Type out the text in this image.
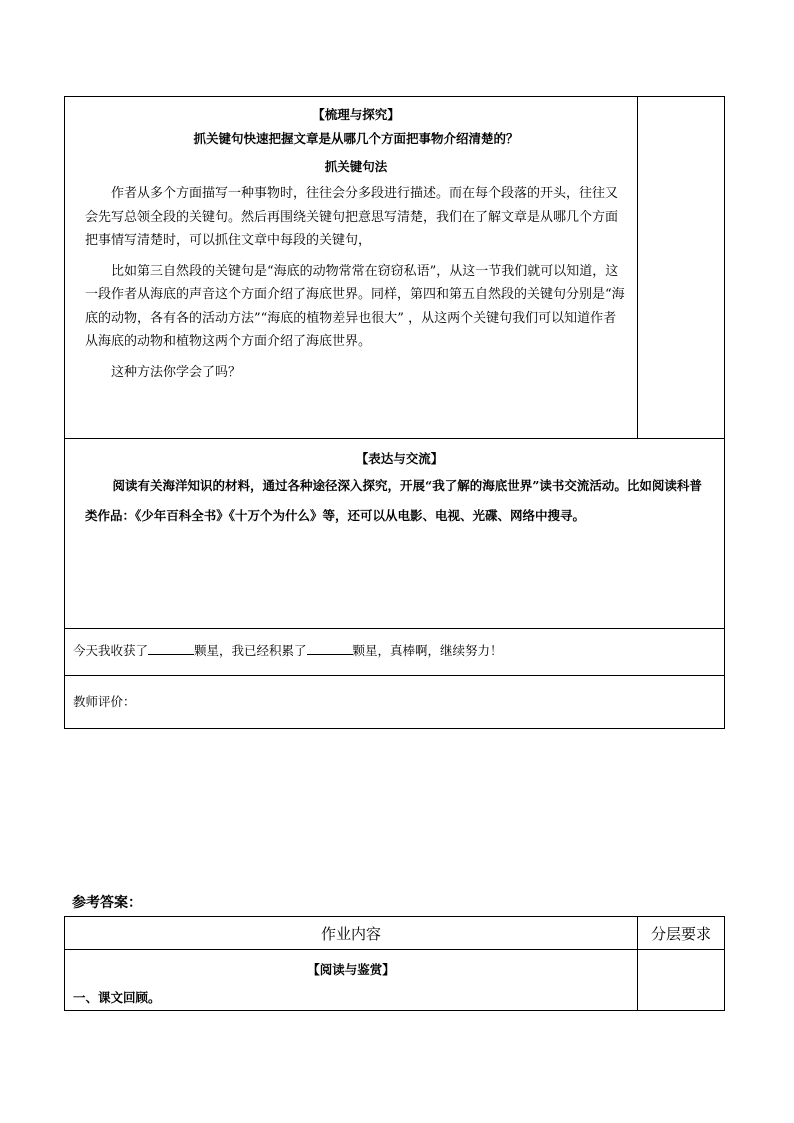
【梳理与探究】
抓关键句快速把握文章是从哪几个方面把事物介绍清楚的？
抓关键句法

作者从多个方面描写一种事物时，往往会分多段进行描述。而在每个段落的开头，往往又会先写总领全段的关键句。然后再围绕关键句把意思写清楚，我们在了解文章是从哪几个方面把事情写清楚时，可以抓住文章中每段的关键句，

比如第三自然段的关键句是“海底的动物常常在窃窃私语”，从这一节我们就可以知道，这一段作者从海底的声音这个方面介绍了海底世界。同样，第四和第五自然段的关键句分别是“海底的动物，各有各的活动方法”“海底的植物差异也很大” ，从这两个关键句我们可以知道作者从海底的动物和植物这两个方面介绍了海底世界。

这种方法你学会了吗？

【表达与交流】

阅读有关海洋知识的材料，通过各种途径深入探究，开展“我了解的海底世界”读书交流活动。比如阅读科普类作品：《少年百科全书》《十万个为什么》等，还可以从电影、电视、光碟、网络中搜寻。

今天我收获了	颗星，我已经积累了	颗星，真棒啊，继续努力！
教师评价：
参考答案：
作业内容	分层要求

【阅读与鉴赏】
一、课文回顾。	
